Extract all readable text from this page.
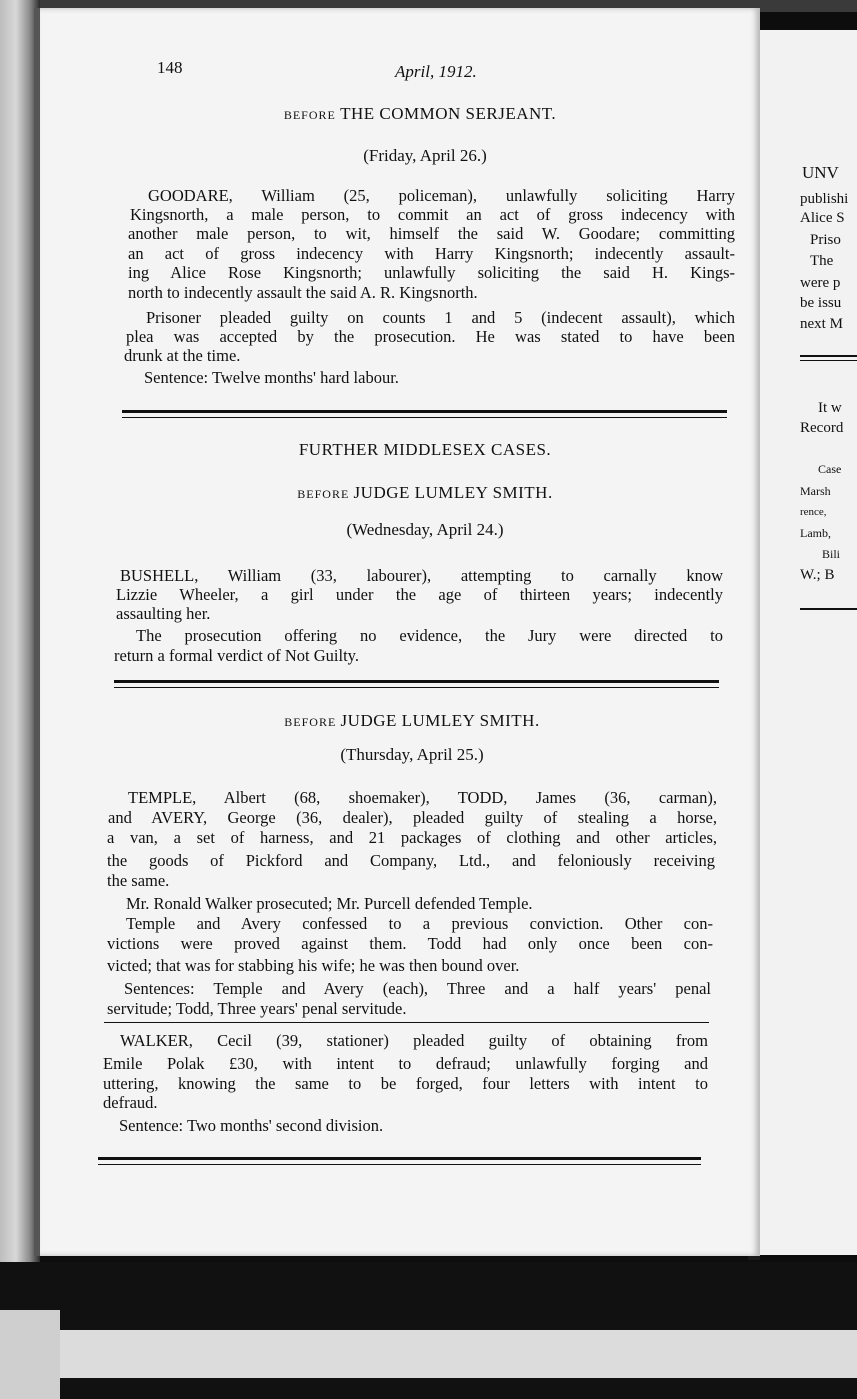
UNV
publishi
Alice S
Priso
The
were p
be issu
next M
It w
Record
Case
Marsh
rence,
Lamb,
Bili
W.; B
148	April, 1912.
BEFORE THE COMMON SERJEANT.
(Friday, April 26.)
GOODARE, William (25, policeman), unlawfully soliciting Harry
Kingsnorth, a male person, to commit an act of gross indecency with
another male person, to wit, himself the said W. Goodare; committing
an act of gross indecency with Harry Kingsnorth; indecently assault-
ing Alice Rose Kingsnorth; unlawfully soliciting the said H. Kings-
north to indecently assault the said A. R. Kingsnorth.
Prisoner pleaded guilty on counts 1 and 5 (indecent assault), which
plea was accepted by the prosecution. He was stated to have been
drunk at the time.
Sentence: Twelve months' hard labour.
FURTHER MIDDLESEX CASES.
BEFORE JUDGE LUMLEY SMITH.
(Wednesday, April 24.)
BUSHELL, William (33, labourer), attempting to carnally know
Lizzie Wheeler, a girl under the age of thirteen years; indecently
assaulting her.
The prosecution offering no evidence, the Jury were directed to
return a formal verdict of Not Guilty.
BEFORE JUDGE LUMLEY SMITH.
(Thursday, April 25.)
TEMPLE, Albert (68, shoemaker), TODD, James (36, carman),
and AVERY, George (36, dealer), pleaded guilty of stealing a horse,
a van, a set of harness, and 21 packages of clothing and other articles,
the goods of Pickford and Company, Ltd., and feloniously receiving
the same.
Mr. Ronald Walker prosecuted; Mr. Purcell defended Temple.
Temple and Avery confessed to a previous conviction. Other con-
victions were proved against them. Todd had only once been con-
victed; that was for stabbing his wife; he was then bound over.
Sentences: Temple and Avery (each), Three and a half years' penal
servitude; Todd, Three years' penal servitude.
WALKER, Cecil (39, stationer) pleaded guilty of obtaining from
Emile Polak £30, with intent to defraud; unlawfully forging and
uttering, knowing the same to be forged, four letters with intent to
defraud.
Sentence: Two months' second division.
